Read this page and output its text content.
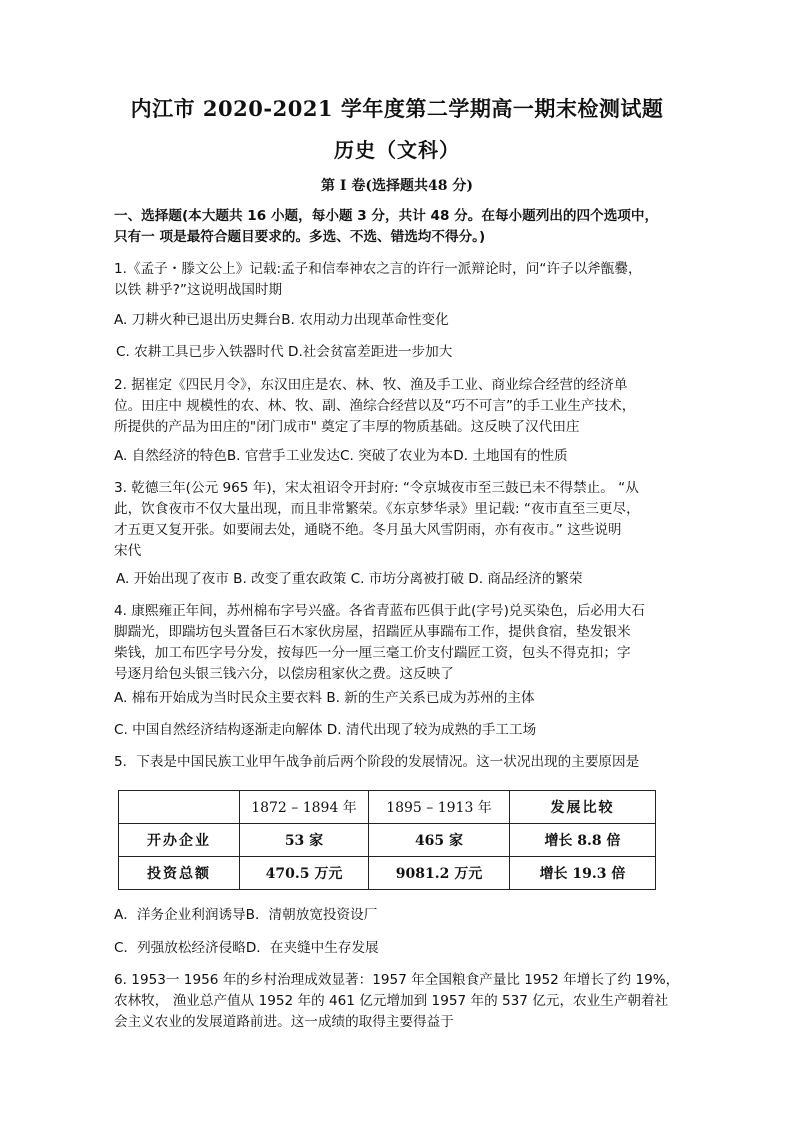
内江市 2020-2021 学年度第二学期高一期末检测试题
历史（文科）
第 Ⅰ 卷(选择题共48 分)
一、选择题(本大题共 16 小题，每小题 3 分，共计 48 分。在每小题列出的四个选项中，
只有一 项是最符合题目要求的。多选、不选、错选均不得分。)
1.《孟子・滕文公上》记载:孟子和信奉神农之言的许行一派辩论时，问“许子以斧甑爨，
以铁 耕乎?”这说明战国时期
A. 刀耕火种已退出历史舞台B. 农用动力出现革命性变化
C. 农耕工具已步入铁器时代 D.社会贫富差距进一步加大
2. 据崔定《四民月令》，东汉田庄是农、林、牧、渔及手工业、商业综合经营的经济单
位。田庄中 规模性的农、林、牧、副、渔综合经营以及“巧不可言”的手工业生产技术，
所提供的产品为田庄的"闭门成市" 奠定了丰厚的物质基础。这反映了汉代田庄
A. 自然经济的特色B. 官营手工业发达C. 突破了农业为本D. 土地国有的性质
3. 乾德三年(公元 965 年)，宋太祖诏令开封府: “令京城夜市至三鼓已未不得禁止。 “从
此，饮食夜市不仅大量出现，而且非常繁荣。《东京梦华录》里记载: “夜市直至三更尽，
才五更又复开张。如要闹去处，通晓不绝。冬月虽大风雪阴雨，亦有夜市。” 这些说明
宋代
A. 开始出现了夜市 B. 改变了重农政策 C. 市坊分离被打破 D. 商品经济的繁荣
4. 康熙雍正年间，苏州棉布字号兴盛。各省青蓝布匹俱于此(字号)兑买染色，后必用大石
脚踹光，即踹坊包头置备巨石木家伙房屋，招踹匠从事踹布工作，提供食宿，垫发银米
柴钱，加工布匹字号分发，按每匹一分一厘三毫工价支付踹匠工资，包头不得克扣；字
号逐月给包头银三钱六分，以偿房租家伙之费。这反映了
A. 棉布开始成为当时民众主要衣料 B. 新的生产关系已成为苏州的主体
C. 中国自然经济结构逐渐走向解体 D. 清代出现了较为成熟的手工工场
5．下表是中国民族工业甲午战争前后两个阶段的发展情况。这一状况出现的主要原因是
	1872 – 1894 年	1895 – 1913 年	发展比较
开办企业	53 家	465 家	增长 8.8 倍
投资总额	470.5 万元	9081.2 万元	增长 19.3 倍
A．洋务企业利润诱导B．清朝放宽投资设厂
C．列强放松经济侵略D．在夹缝中生存发展
6. 1953一 1956 年的乡村治理成效显著：1957 年全国粮食产量比 1952 年增长了约 19%，
农林牧， 渔业总产值从 1952 年的 461 亿元增加到 1957 年的 537 亿元，农业生产朝着社
会主义农业的发展道路前进。这一成绩的取得主要得益于
